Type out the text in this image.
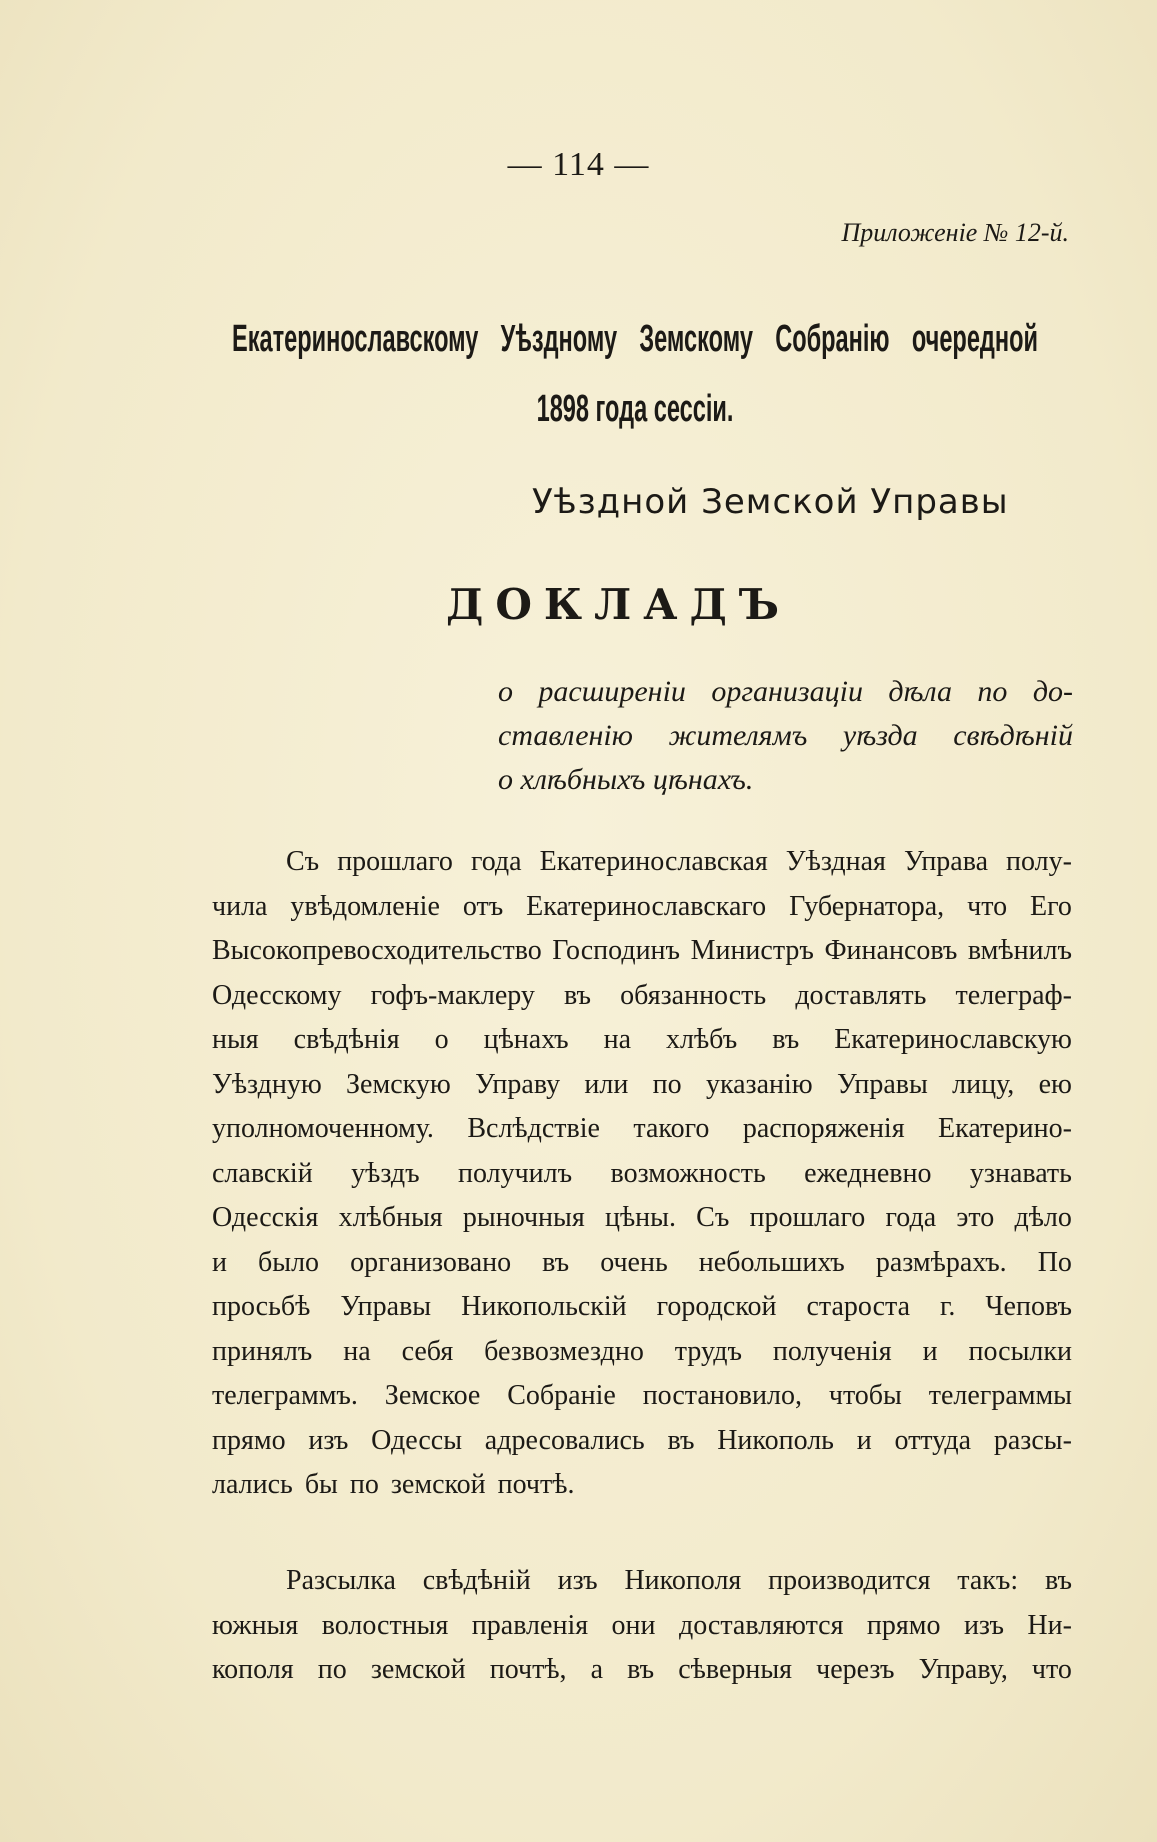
— 114 —
Приложеніе № 12-й.
Екатеринославскому Уѣздному Земскому Собранію очередной
1898 года сессіи.
Уѣздной Земской Управы
ДОКЛАДЪ
о расширеніи организаціи дѣла по до-
ставленію жителямъ уѣзда свѣдѣній
о хлѣбныхъ цѣнахъ.
Съ прошлаго года Екатеринославская Уѣздная Управа полу-
чила увѣдомленіе отъ Екатеринославскаго Губернатора, что Его
Высокопревосходительство Господинъ Министръ Финансовъ вмѣнилъ
Одесскому гофъ-маклеру въ обязанность доставлять телеграф-
ныя свѣдѣнія о цѣнахъ на хлѣбъ въ Екатеринославскую
Уѣздную Земскую Управу или по указанію Управы лицу, ею
уполномоченному. Вслѣдствіе такого распоряженія Екатерино-
славскій уѣздъ получилъ возможность ежедневно узнавать
Одесскія хлѣбныя рыночныя цѣны. Съ прошлаго года это дѣло
и было организовано въ очень небольшихъ размѣрахъ. По
просьбѣ Управы Никопольскій городской староста г. Чеповъ
принялъ на себя безвозмездно трудъ полученія и посылки
телеграммъ. Земское Собраніе постановило, чтобы телеграммы
прямо изъ Одессы адресовались въ Никополь и оттуда разсы-
лались бы по земской почтѣ.
Разсылка свѣдѣній изъ Никополя производится такъ: въ
южныя волостныя правленія они доставляются прямо изъ Ни-
кополя по земской почтѣ, а въ сѣверныя черезъ Управу, что
